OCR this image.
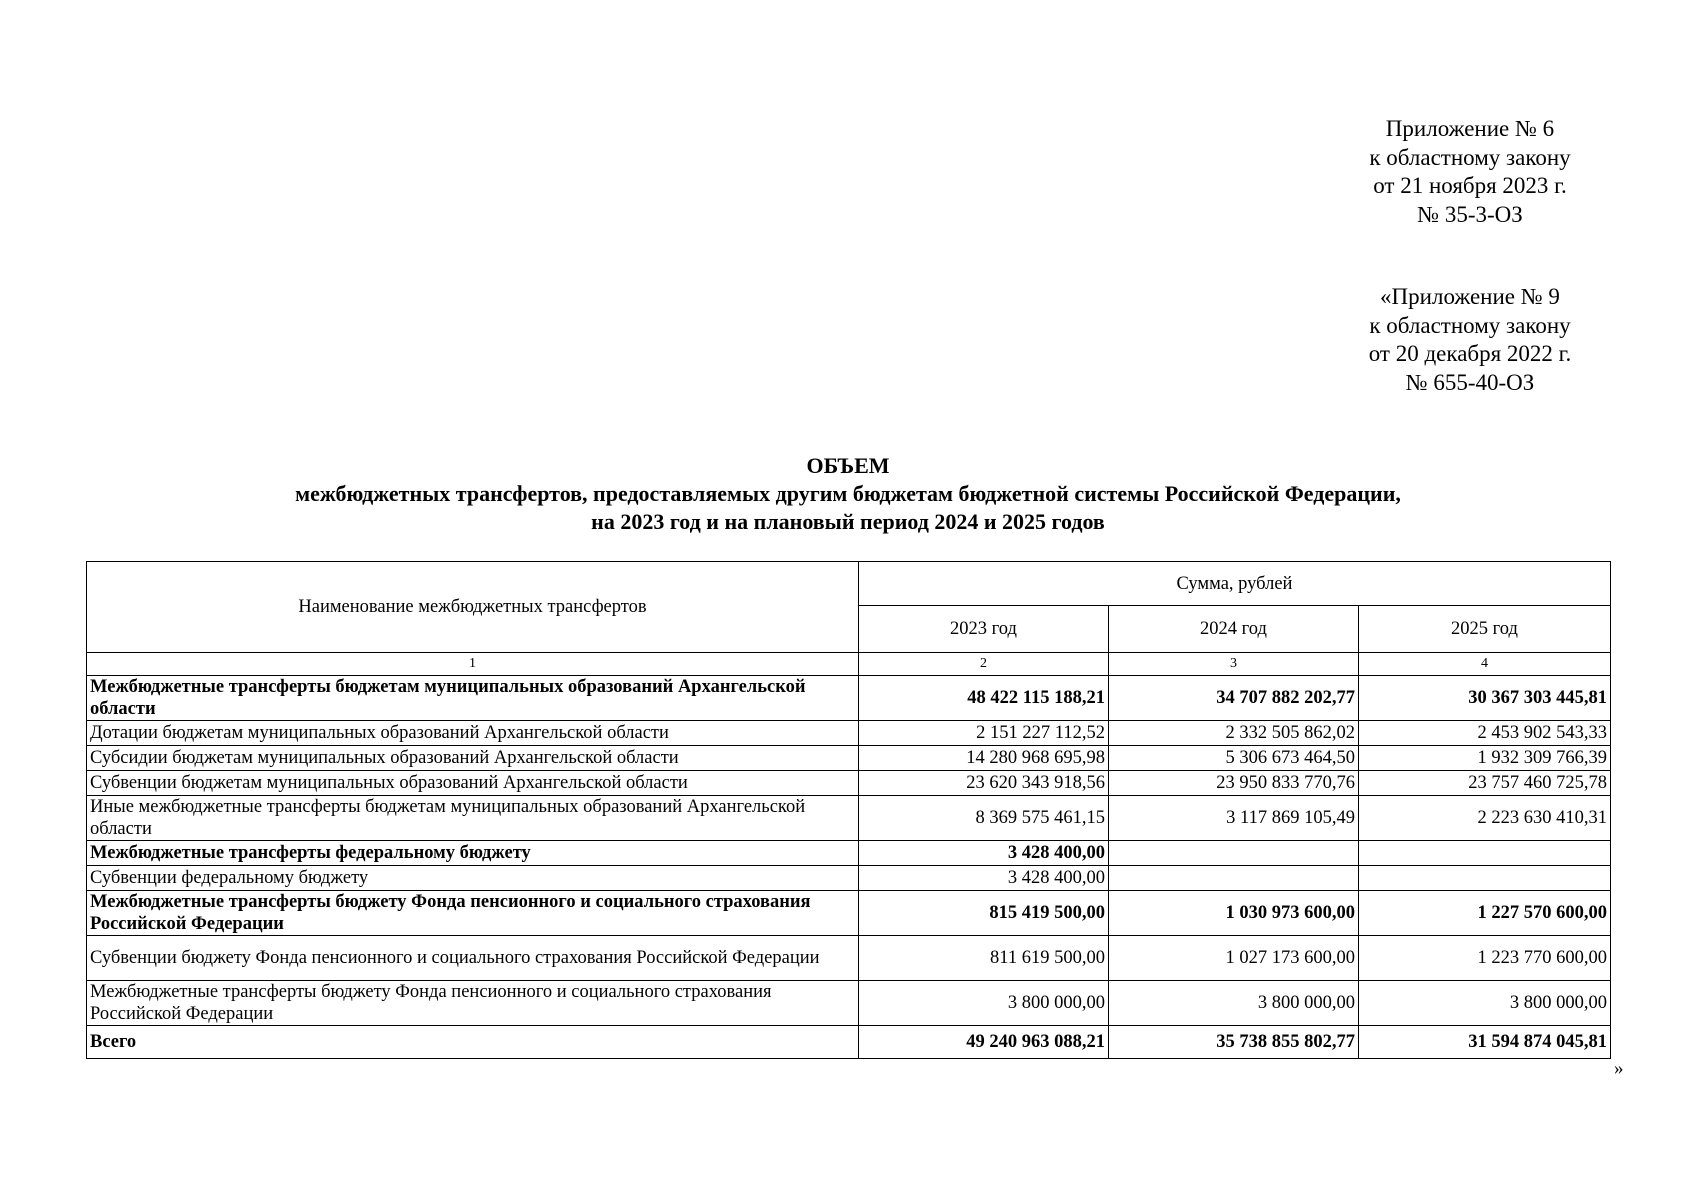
Приложение № 6
к областному закону
от 21 ноября 2023 г.
№ 35-3-ОЗ
«Приложение № 9
к областному закону
от 20 декабря 2022 г.
№ 655-40-ОЗ
ОБЪЕМ
межбюджетных трансфертов, предоставляемых другим бюджетам бюджетной системы Российской Федерации,
на 2023 год и на плановый период 2024 и 2025 годов
Наименование межбюджетных трансфертов	Сумма, рублей		
	2023 год	2024 год	2025 год
1	2	3	4
Межбюджетные трансферты бюджетам муниципальных образований Архангельской области	48 422 115 188,21	34 707 882 202,77	30 367 303 445,81
Дотации бюджетам муниципальных образований Архангельской области	2 151 227 112,52	2 332 505 862,02	2 453 902 543,33
Субсидии бюджетам муниципальных образований Архангельской области	14 280 968 695,98	5 306 673 464,50	1 932 309 766,39
Субвенции бюджетам муниципальных образований Архангельской области	23 620 343 918,56	23 950 833 770,76	23 757 460 725,78
Иные межбюджетные трансферты бюджетам муниципальных образований Архангельской области	8 369 575 461,15	3 117 869 105,49	2 223 630 410,31
Межбюджетные трансферты федеральному бюджету	3 428 400,00		
Субвенции федеральному бюджету	3 428 400,00		
Межбюджетные трансферты бюджету Фонда пенсионного и социального страхования Российской Федерации	815 419 500,00	1 030 973 600,00	1 227 570 600,00
Субвенции бюджету Фонда пенсионного и социального страхования Российской Федерации	811 619 500,00	1 027 173 600,00	1 223 770 600,00
Межбюджетные трансферты бюджету Фонда пенсионного и социального страхования Российской Федерации	3 800 000,00	3 800 000,00	3 800 000,00
Всего	49 240 963 088,21	35 738 855 802,77	31 594 874 045,81
»
